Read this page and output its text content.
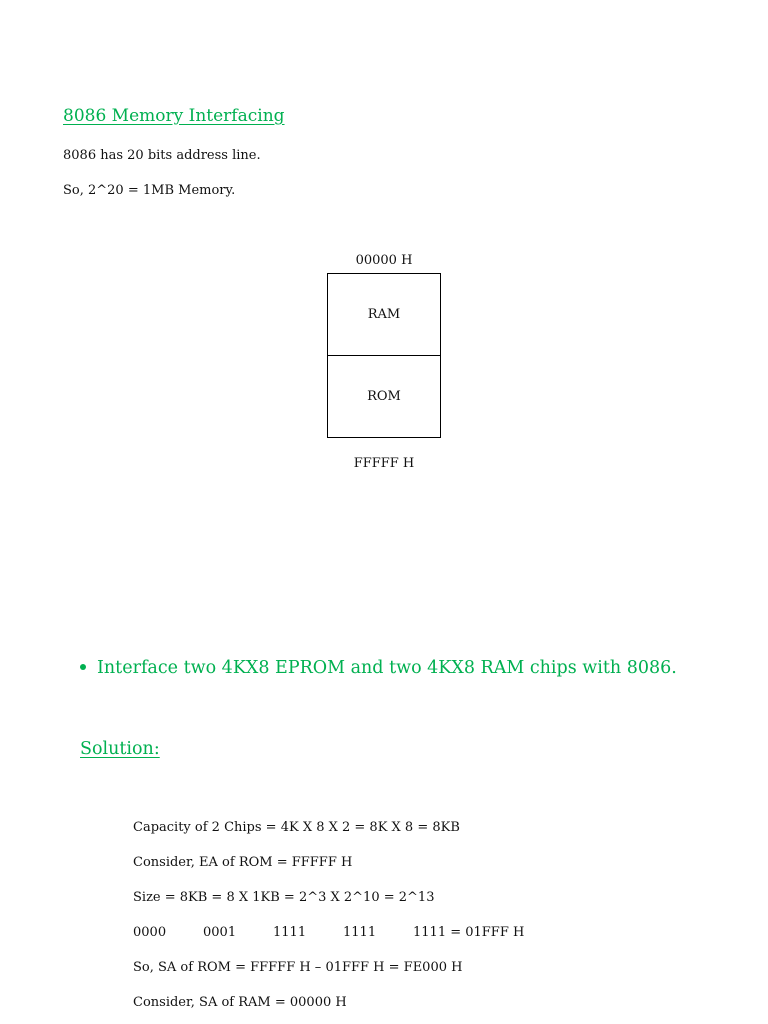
8086 Memory Interfacing
8086 has 20 bits address line.
So, 2^20 = 1MB Memory.
00000 H
RAM
ROM
FFFFF H
Interface two 4KX8 EPROM and two 4KX8 RAM chips with 8086.
Solution:
Capacity of 2 Chips = 4K X 8 X 2 = 8K X 8 = 8KB
Consider, EA of ROM = FFFFF H
Size = 8KB = 8 X 1KB = 2^3 X 2^10 = 2^13
0000	0001	1111	1111	1111 = 01FFF H
So, SA of ROM = FFFFF H – 01FFF H = FE000 H
Consider, SA of RAM = 00000 H
